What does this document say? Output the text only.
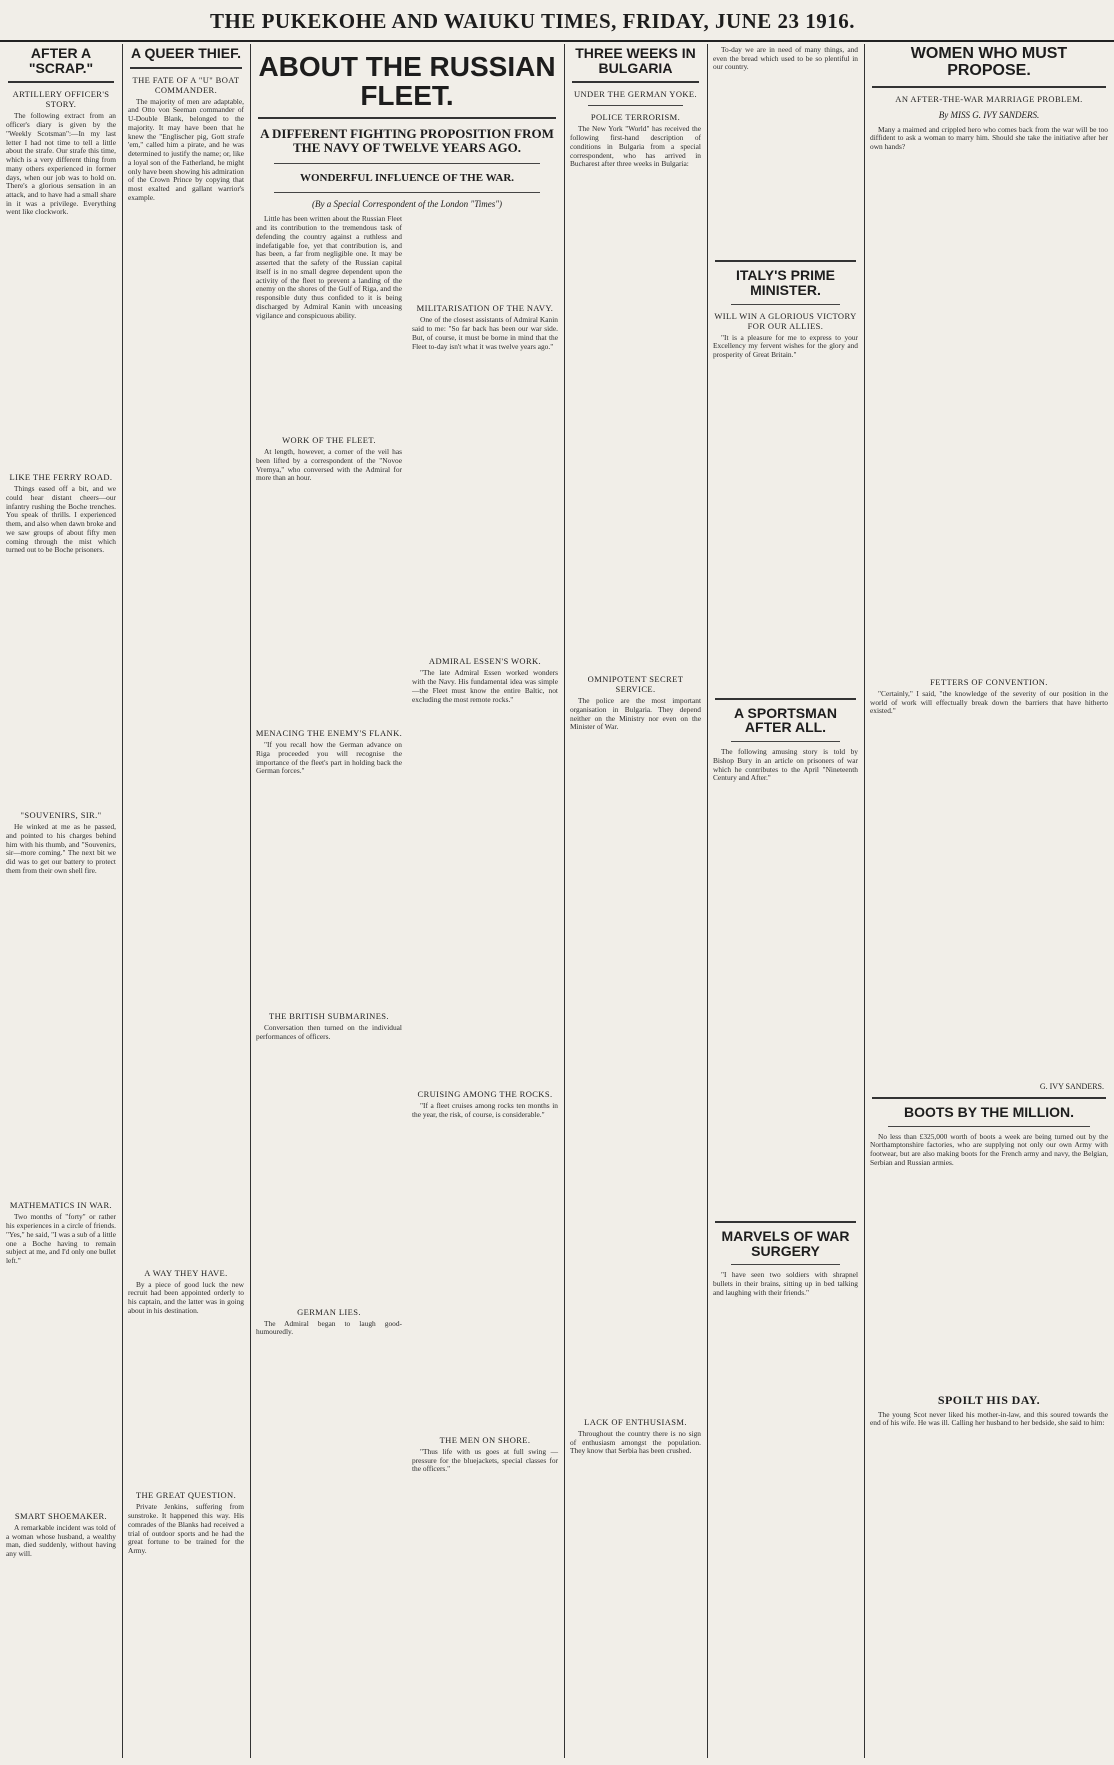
THE PUKEKOHE AND WAIUKU TIMES, FRIDAY, JUNE 23 1916.
AFTER A "SCRAP."
ARTILLERY OFFICER'S STORY.

The following extract from an officer's diary is given by the "Weekly Scotsman":—In my last letter I had not time to tell a little about the strafe. Our strafe this time, which is a very different thing from many others experienced in former days, when our job was to hold on. There's a glorious sensation in an attack, and to have had a small share in it was a privilege. Everything went like clockwork.

LIKE THE FERRY ROAD.

Things eased off a bit, and we could hear distant cheers—our infantry rushing the Boche trenches. You speak of thrills. I experienced them, and also when dawn broke and we saw groups of about fifty men coming through the mist which turned out to be Boche prisoners.

"SOUVENIRS, SIR."

He winked at me as he passed, and pointed to his charges behind him with his thumb, and "Souvenirs, sir—more coming." The next bit we did was to get our battery to protect them from their own shell fire.

MATHEMATICS IN WAR.

Two months of "forty" or rather his experiences in a circle of friends. "Yes," he said, "I was a sub of a little one a Boche having to remain subject at me, and I'd only one bullet left."

SMART SHOEMAKER.

A remarkable incident was told of a woman whose husband, a wealthy man, died suddenly, without having any will.

A QUEER THIEF.
THE FATE OF A "U" BOAT COMMANDER.

The majority of men are adaptable, and Otto von Seeman commander of U-Double Blank, belonged to the majority. It may have been that he knew the "Englischer pig, Gott strafe 'em," called him a pirate, and he was determined to justify the name; or, like a loyal son of the Fatherland, he might only have been showing his admiration of the Crown Prince by copying that most exalted and gallant warrior's example.

A WAY THEY HAVE.

By a piece of good luck the new recruit had been appointed orderly to his captain, and the latter was in going about in his destination.

THE GREAT QUESTION.

Private Jenkins, suffering from sunstroke. It happened this way. His comrades of the Blanks had received a trial of outdoor sports and he had the great fortune to be trained for the Army.

ABOUT THE RUSSIAN FLEET.
A DIFFERENT FIGHTING PROPOSITION FROM THE NAVY OF TWELVE YEARS AGO.
WONDERFUL INFLUENCE OF THE WAR.
(By a Special Correspondent of the London "Times")

Little has been written about the Russian Fleet and its contribution to the tremendous task of defending the country against a ruthless and indefatigable foe, yet that contribution is, and has been, a far from negligible one. It may be asserted that the safety of the Russian capital itself is in no small degree dependent upon the activity of the fleet to prevent a landing of the enemy on the shores of the Gulf of Riga, and the responsible duty thus confided to it is being discharged by Admiral Kanin with unceasing vigilance and conspicuous ability.

WORK OF THE FLEET.

At length, however, a corner of the veil has been lifted by a correspondent of the "Novoe Vremya," who conversed with the Admiral for more than an hour.

MENACING THE ENEMY'S FLANK.

"If you recall how the German advance on Riga proceeded you will recognise the importance of the fleet's part in holding back the German forces."

THE BRITISH SUBMARINES.

Conversation then turned on the individual performances of officers.

GERMAN LIES.

The Admiral began to laugh good-humouredly.

MILITARISATION OF THE NAVY.

One of the closest assistants of Admiral Kanin said to me: "So far back has been our war side. But, of course, it must be borne in mind that the Fleet to-day isn't what it was twelve years ago."

ADMIRAL ESSEN'S WORK.

"The late Admiral Essen worked wonders with the Navy. His fundamental idea was simple—the Fleet must know the entire Baltic, not excluding the most remote rocks."

CRUISING AMONG THE ROCKS.

"If a fleet cruises among rocks ten months in the year, the risk, of course, is considerable."

THE MEN ON SHORE.

"Thus life with us goes at full swing —pressure for the bluejackets, special classes for the officers."

THREE WEEKS IN BULGARIA
UNDER THE GERMAN YOKE.
POLICE TERRORISM.

The New York "World" has received the following first-hand description of conditions in Bulgaria from a special correspondent, who has arrived in Bucharest after three weeks in Bulgaria:

OMNIPOTENT SECRET SERVICE.

The police are the most important organisation in Bulgaria. They depend neither on the Ministry nor even on the Minister of War.

LACK OF ENTHUSIASM.

Throughout the country there is no sign of enthusiasm amongst the population. They know that Serbia has been crushed.

To-day we are in need of many things, and even the bread which used to be so plentiful in our country.

ITALY'S PRIME MINISTER.
WILL WIN A GLORIOUS VICTORY FOR OUR ALLIES.

"It is a pleasure for me to express to your Excellency my fervent wishes for the glory and prosperity of Great Britain."

A SPORTSMAN AFTER ALL.

The following amusing story is told by Bishop Bury in an article on prisoners of war which he contributes to the April "Nineteenth Century and After."

MARVELS OF WAR SURGERY

"I have seen two soldiers with shrapnel bullets in their brains, sitting up in bed talking and laughing with their friends."

WOMEN WHO MUST PROPOSE.
AN AFTER-THE-WAR MARRIAGE PROBLEM.
By MISS G. IVY SANDERS.

Many a maimed and crippled hero who comes back from the war will be too diffident to ask a woman to marry him. Should she take the initiative after her own hands?

FETTERS OF CONVENTION.

"Certainly," I said, "the knowledge of the severity of our position in the world of work will effectually break down the barriers that have hitherto existed."

G. IVY SANDERS.
BOOTS BY THE MILLION.

No less than £325,000 worth of boots a week are being turned out by the Northamptonshire factories, who are supplying not only our own Army with footwear, but are also making boots for the French army and navy, the Belgian, Serbian and Russian armies.

SPOILT HIS DAY.

The young Scot never liked his mother-in-law, and this soured towards the end of his wife. He was ill. Calling her husband to her bedside, she said to him:
